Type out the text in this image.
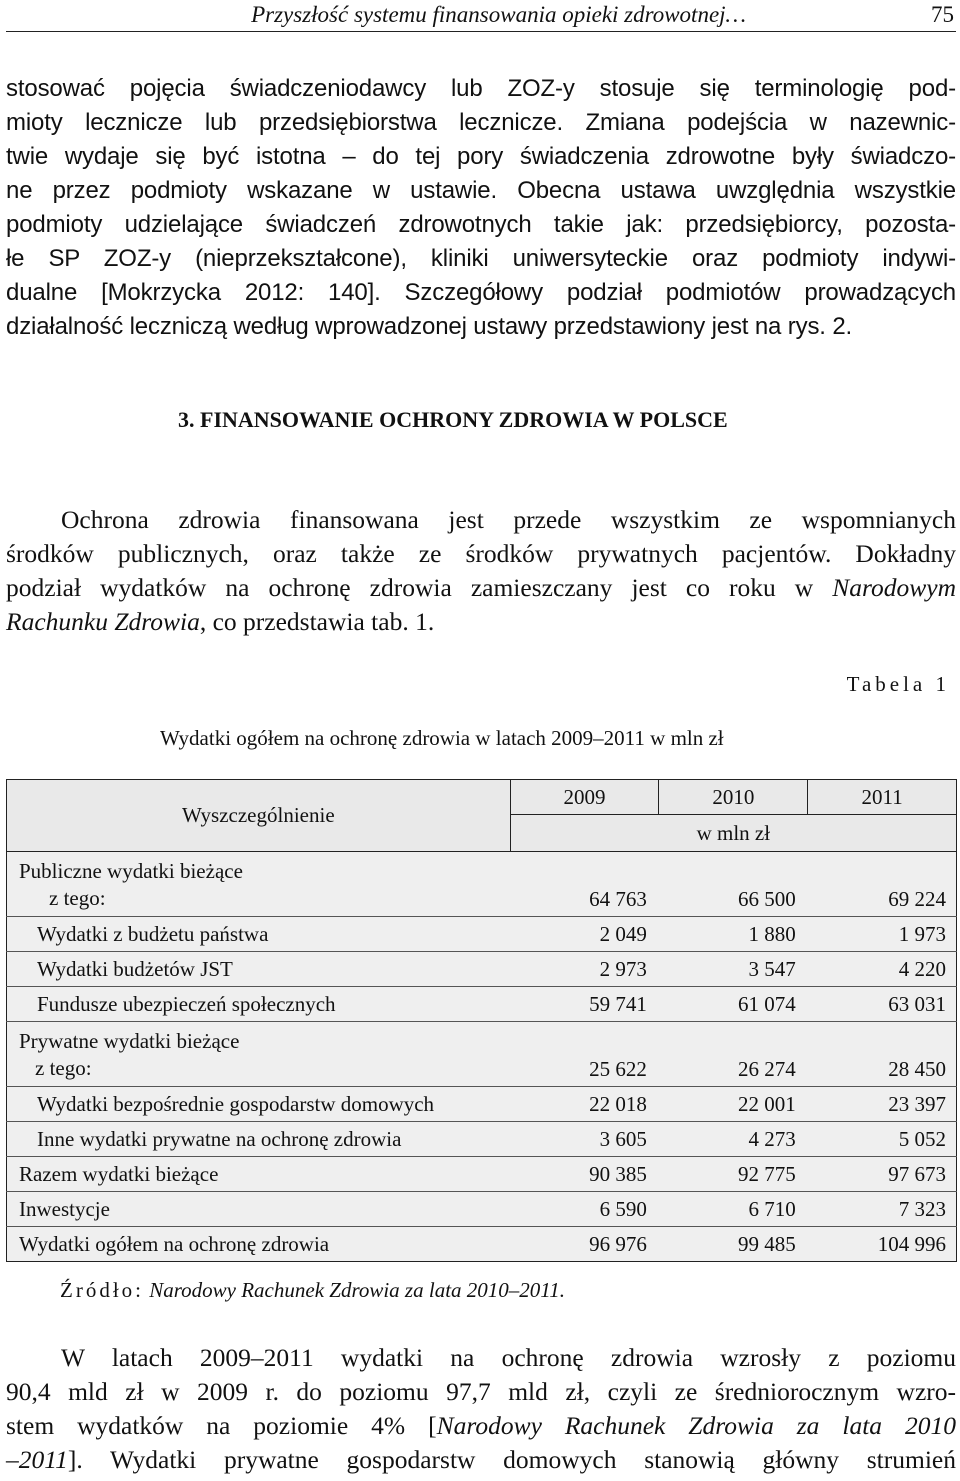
Przyszłość systemu finansowania opieki zdrowotnej…	75
stosować pojęcia świadczeniodawcy lub ZOZ-y stosuje się terminologię pod-
mioty lecznicze lub przedsiębiorstwa lecznicze. Zmiana podejścia w nazewnic-
twie wydaje się być istotna – do tej pory świadczenia zdrowotne były świadczo-
ne przez podmioty wskazane w ustawie. Obecna ustawa uwzględnia wszystkie
podmioty udzielające świadczeń zdrowotnych takie jak: przedsiębiorcy, pozosta-
łe SP ZOZ-y (nieprzekształcone), kliniki uniwersyteckie oraz podmioty indywi-
dualne [Mokrzycka 2012: 140]. Szczegółowy podział podmiotów prowadzących
działalność leczniczą według wprowadzonej ustawy przedstawiony jest na rys. 2.
3. FINANSOWANIE OCHRONY ZDROWIA W POLSCE
Ochrona zdrowia finansowana jest przede wszystkim ze wspomnianych
środków publicznych, oraz także ze środków prywatnych pacjentów. Dokładny
podział wydatków na ochronę zdrowia zamieszczany jest co roku w Narodowym
Rachunku Zdrowia, co przedstawia tab. 1.
Tabela 1
Wydatki ogółem na ochronę zdrowia w latach 2009–2011 w mln zł
Wyszczególnienie	2009	2010	2011
	w mln zł		
Publiczne wydatki bieżące
z tego:	64 763	66 500	69 224
Wydatki z budżetu państwa	2 049	1 880	1 973
Wydatki budżetów JST	2 973	3 547	4 220
Fundusze ubezpieczeń społecznych	59 741	61 074	63 031
Prywatne wydatki bieżące
z tego:	25 622	26 274	28 450
Wydatki bezpośrednie gospodarstw domowych	22 018	22 001	23 397
Inne wydatki prywatne na ochronę zdrowia	3 605	4 273	5 052
Razem wydatki bieżące	90 385	92 775	97 673
Inwestycje	6 590	6 710	7 323
Wydatki ogółem na ochronę zdrowia	96 976	99 485	104 996
Źródło: Narodowy Rachunek Zdrowia za lata 2010–2011.
W latach 2009–2011 wydatki na ochronę zdrowia wzrosły z poziomu
90,4 mld zł w 2009 r. do poziomu 97,7 mld zł, czyli ze średniorocznym wzro-
stem wydatków na poziomie 4% [Narodowy Rachunek Zdrowia za lata 2010
–2011]. Wydatki prywatne gospodarstw domowych stanowią główny strumień
